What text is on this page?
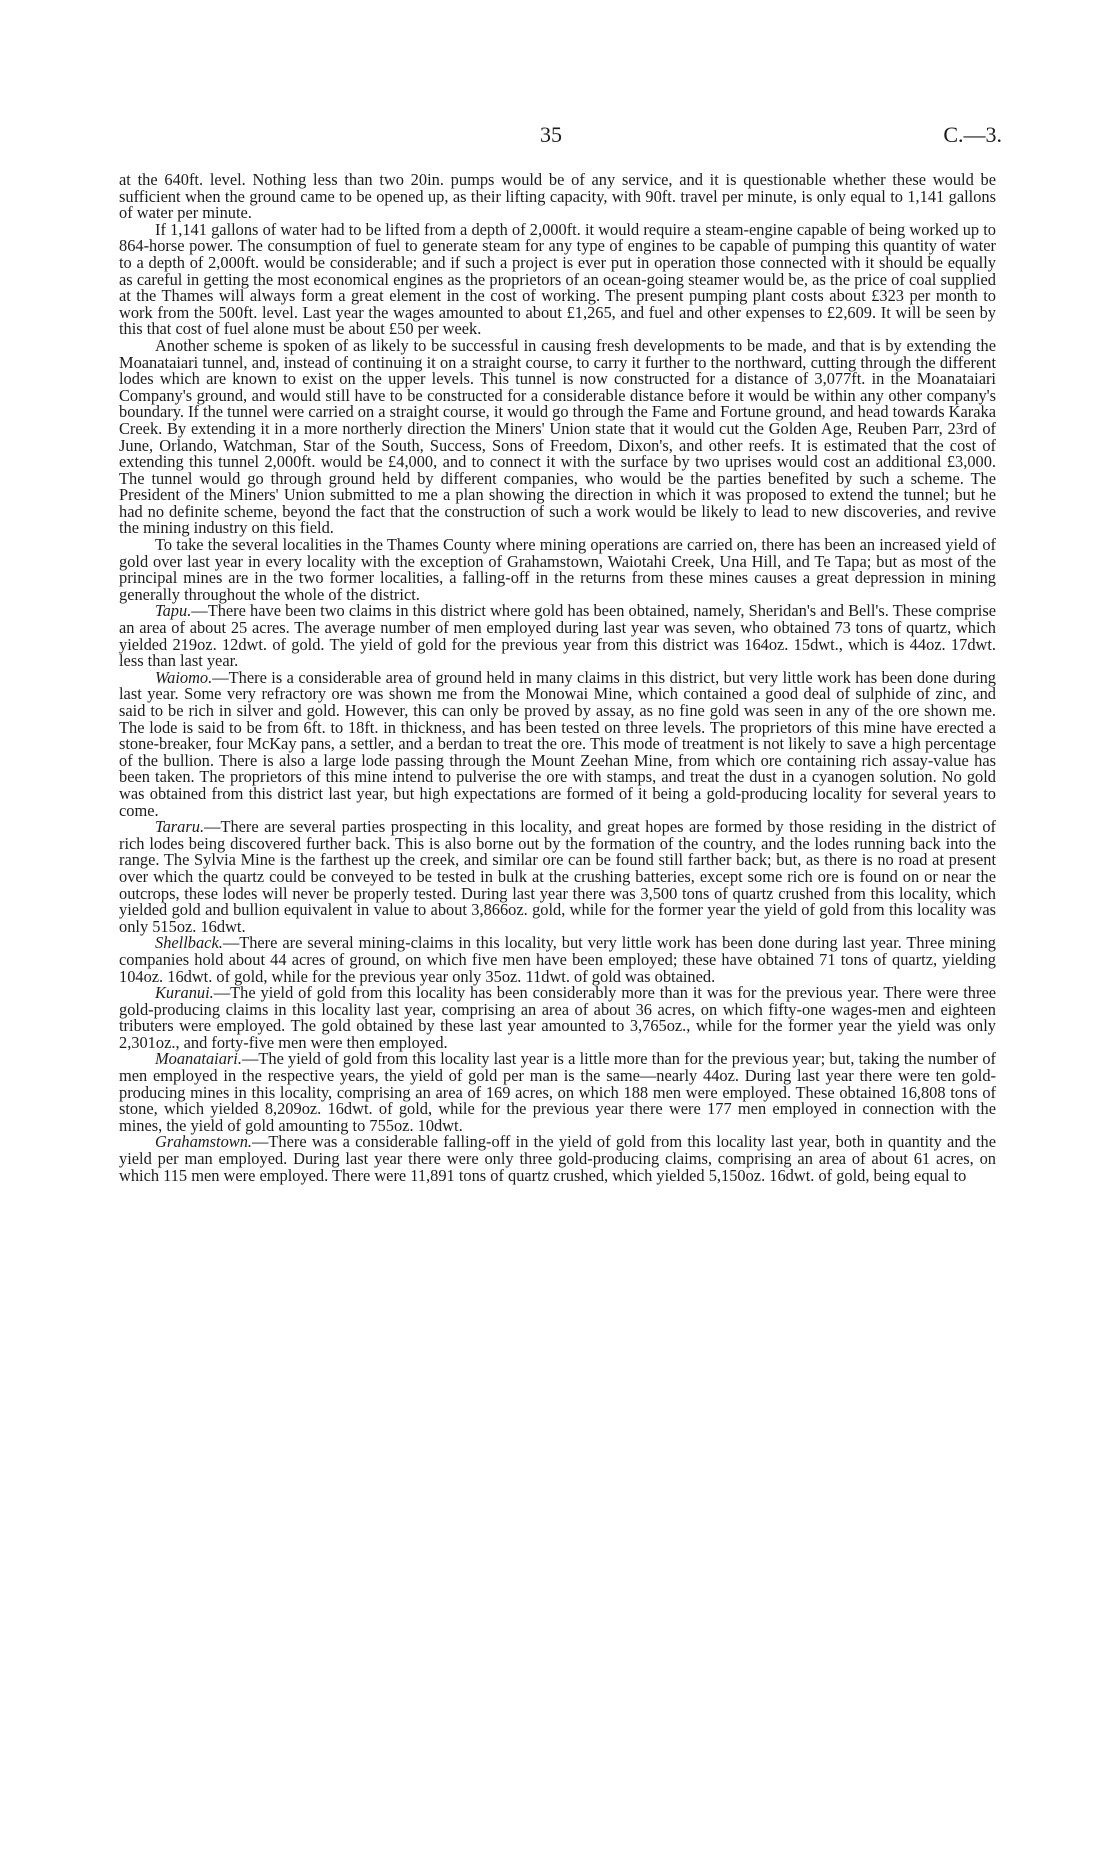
35	C.—3.

at the 640ft. level. Nothing less than two 20in. pumps would be of any service, and it is questionable whether these would be sufficient when the ground came to be opened up, as their lifting capacity, with 90ft. travel per minute, is only equal to 1,141 gallons of water per minute.

If 1,141 gallons of water had to be lifted from a depth of 2,000ft. it would require a steam-engine capable of being worked up to 864-horse power. The consumption of fuel to generate steam for any type of engines to be capable of pumping this quantity of water to a depth of 2,000ft. would be considerable; and if such a project is ever put in operation those connected with it should be equally as careful in getting the most economical engines as the proprietors of an ocean-going steamer would be, as the price of coal supplied at the Thames will always form a great element in the cost of working. The present pumping plant costs about £323 per month to work from the 500ft. level. Last year the wages amounted to about £1,265, and fuel and other expenses to £2,609. It will be seen by this that cost of fuel alone must be about £50 per week.

Another scheme is spoken of as likely to be successful in causing fresh developments to be made, and that is by extending the Moanataiari tunnel, and, instead of continuing it on a straight course, to carry it further to the northward, cutting through the different lodes which are known to exist on the upper levels. This tunnel is now constructed for a distance of 3,077ft. in the Moanataiari Company's ground, and would still have to be constructed for a considerable distance before it would be within any other company's boundary. If the tunnel were carried on a straight course, it would go through the Fame and Fortune ground, and head towards Karaka Creek. By extending it in a more northerly direction the Miners' Union state that it would cut the Golden Age, Reuben Parr, 23rd of June, Orlando, Watchman, Star of the South, Success, Sons of Freedom, Dixon's, and other reefs. It is estimated that the cost of extending this tunnel 2,000ft. would be £4,000, and to connect it with the surface by two uprises would cost an additional £3,000. The tunnel would go through ground held by different companies, who would be the parties benefited by such a scheme. The President of the Miners' Union submitted to me a plan showing the direction in which it was proposed to extend the tunnel; but he had no definite scheme, beyond the fact that the construction of such a work would be likely to lead to new discoveries, and revive the mining industry on this field.

To take the several localities in the Thames County where mining operations are carried on, there has been an increased yield of gold over last year in every locality with the exception of Grahamstown, Waiotahi Creek, Una Hill, and Te Tapa; but as most of the principal mines are in the two former localities, a falling-off in the returns from these mines causes a great depression in mining generally throughout the whole of the district.

Tapu.—There have been two claims in this district where gold has been obtained, namely, Sheridan's and Bell's. These comprise an area of about 25 acres. The average number of men employed during last year was seven, who obtained 73 tons of quartz, which yielded 219oz. 12dwt. of gold. The yield of gold for the previous year from this district was 164oz. 15dwt., which is 44oz. 17dwt. less than last year.

Waiomo.—There is a considerable area of ground held in many claims in this district, but very little work has been done during last year. Some very refractory ore was shown me from the Monowai Mine, which contained a good deal of sulphide of zinc, and said to be rich in silver and gold. However, this can only be proved by assay, as no fine gold was seen in any of the ore shown me. The lode is said to be from 6ft. to 18ft. in thickness, and has been tested on three levels. The proprietors of this mine have erected a stone-breaker, four McKay pans, a settler, and a berdan to treat the ore. This mode of treatment is not likely to save a high percentage of the bullion. There is also a large lode passing through the Mount Zeehan Mine, from which ore containing rich assay-value has been taken. The proprietors of this mine intend to pulverise the ore with stamps, and treat the dust in a cyanogen solution. No gold was obtained from this district last year, but high expectations are formed of it being a gold-producing locality for several years to come.

Tararu.—There are several parties prospecting in this locality, and great hopes are formed by those residing in the district of rich lodes being discovered further back. This is also borne out by the formation of the country, and the lodes running back into the range. The Sylvia Mine is the farthest up the creek, and similar ore can be found still farther back; but, as there is no road at present over which the quartz could be conveyed to be tested in bulk at the crushing batteries, except some rich ore is found on or near the outcrops, these lodes will never be properly tested. During last year there was 3,500 tons of quartz crushed from this locality, which yielded gold and bullion equivalent in value to about 3,866oz. gold, while for the former year the yield of gold from this locality was only 515oz. 16dwt.

Shellback.—There are several mining-claims in this locality, but very little work has been done during last year. Three mining companies hold about 44 acres of ground, on which five men have been employed; these have obtained 71 tons of quartz, yielding 104oz. 16dwt. of gold, while for the previous year only 35oz. 11dwt. of gold was obtained.

Kuranui.—The yield of gold from this locality has been considerably more than it was for the previous year. There were three gold-producing claims in this locality last year, comprising an area of about 36 acres, on which fifty-one wages-men and eighteen tributers were employed. The gold obtained by these last year amounted to 3,765oz., while for the former year the yield was only 2,301oz., and forty-five men were then employed.

Moanataiari.—The yield of gold from this locality last year is a little more than for the previous year; but, taking the number of men employed in the respective years, the yield of gold per man is the same—nearly 44oz. During last year there were ten gold-producing mines in this locality, comprising an area of 169 acres, on which 188 men were employed. These obtained 16,808 tons of stone, which yielded 8,209oz. 16dwt. of gold, while for the previous year there were 177 men employed in connection with the mines, the yield of gold amounting to 755oz. 10dwt.

Grahamstown.—There was a considerable falling-off in the yield of gold from this locality last year, both in quantity and the yield per man employed. During last year there were only three gold-producing claims, comprising an area of about 61 acres, on which 115 men were employed. There were 11,891 tons of quartz crushed, which yielded 5,150oz. 16dwt. of gold, being equal to
